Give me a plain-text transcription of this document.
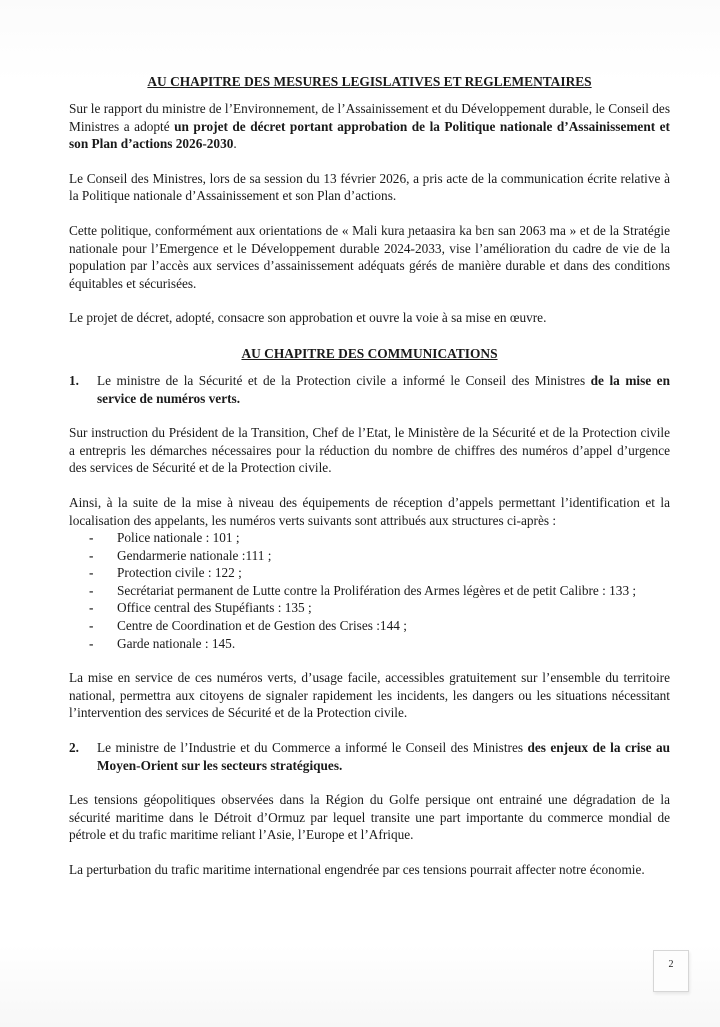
AU CHAPITRE DES MESURES LEGISLATIVES ET REGLEMENTAIRES

Sur le rapport du ministre de l’Environnement, de l’Assainissement et du Développement durable, le Conseil des Ministres a adopté un projet de décret portant approbation de la Politique nationale d’Assainissement et son Plan d’actions 2026-2030.

Le Conseil des Ministres, lors de sa session du 13 février 2026, a pris acte de la communication écrite relative à la Politique nationale d’Assainissement et son Plan d’actions.

Cette politique, conformément aux orientations de « Mali kura ɲetaasira ka bɛn san 2063 ma » et de la Stratégie nationale pour l’Emergence et le Développement durable 2024-2033, vise l’amélioration du cadre de vie de la population par l’accès aux services d’assainissement adéquats gérés de manière durable et dans des conditions équitables et sécurisées.

Le projet de décret, adopté, consacre son approbation et ouvre la voie à sa mise en œuvre.

AU CHAPITRE DES COMMUNICATIONS
1.	Le ministre de la Sécurité et de la Protection civile a informé le Conseil des Ministres de la mise en service de numéros verts.

Sur instruction du Président de la Transition, Chef de l’Etat, le Ministère de la Sécurité et de la Protection civile a entrepris les démarches nécessaires pour la réduction du nombre de chiffres des numéros d’appel d’urgence des services de Sécurité et de la Protection civile.

Ainsi, à la suite de la mise à niveau des équipements de réception d’appels permettant l’identification et la localisation des appelants, les numéros verts suivants sont attribués aux structures ci-après :

-	Police nationale : 101 ;
-	Gendarmerie nationale :111 ;
-	Protection civile : 122 ;
-	Secrétariat permanent de Lutte contre la Prolifération des Armes légères et de petit Calibre : 133 ;
-	Office central des Stupéfiants : 135 ;
-	Centre de Coordination et de Gestion des Crises :144 ;
-	Garde nationale : 145.

La mise en service de ces numéros verts, d’usage facile, accessibles gratuitement sur l’ensemble du territoire national, permettra aux citoyens de signaler rapidement les incidents, les dangers ou les situations nécessitant l’intervention des services de Sécurité et de la Protection civile.

2.	Le ministre de l’Industrie et du Commerce a informé le Conseil des Ministres des enjeux de la crise au Moyen-Orient sur les secteurs stratégiques.

Les tensions géopolitiques observées dans la Région du Golfe persique ont entrainé une dégradation de la sécurité maritime dans le Détroit d’Ormuz par lequel transite une part importante du commerce mondial de pétrole et du trafic maritime reliant l’Asie, l’Europe et l’Afrique.

La perturbation du trafic maritime international engendrée par ces tensions pourrait affecter notre économie.

2
